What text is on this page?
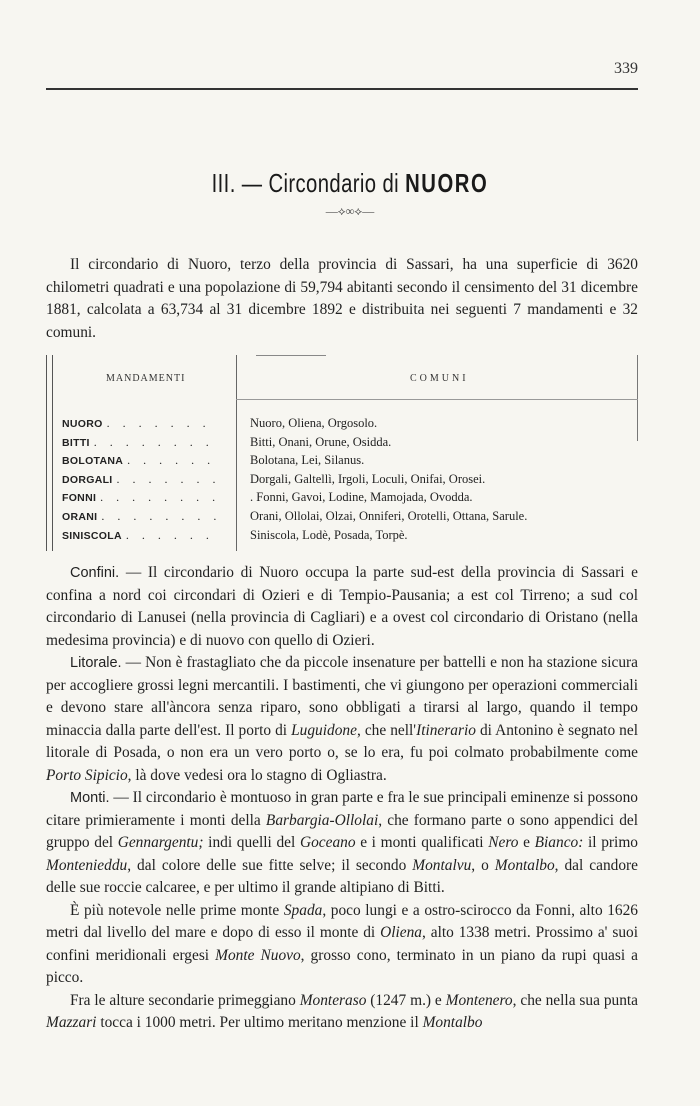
339
III. — Circondario di NUORO
—⟡∞⟡—
Il circondario di Nuoro, terzo della provincia di Sassari, ha una superficie di 3620 chilometri quadrati e una popolazione di 59,794 abitanti secondo il censimento del 31 dicembre 1881, calcolata a 63,734 al 31 dicembre 1892 e distribuita nei seguenti 7 mandamenti e 32 comuni.
MANDAMENTI	COMUNI
NUORO . . . . . . .	Nuoro, Oliena, Orgosolo.
BITTI . . . . . . . .	Bitti, Onani, Orune, Osidda.
BOLOTANA . . . . . .	Bolotana, Lei, Silanus.
DORGALI . . . . . . . Dorgali, Galtellì, Irgoli, Loculi, Onifai, Orosei.
FONNI . . . . . . . . . Fonni, Gavoi, Lodine, Mamojada, Ovodda.
ORANI . . . . . . . . Orani, Ollolai, Olzai, Onniferi, Orotelli, Ottana, Sarule.
SINISCOLA . . . . . .	Siniscola, Lodè, Posada, Torpè.

Confini. — Il circondario di Nuoro occupa la parte sud-est della provincia di Sassari e confina a nord coi circondari di Ozieri e di Tempio-Pausania; a est col Tirreno; a sud col circondario di Lanusei (nella provincia di Cagliari) e a ovest col circondario di Oristano (nella medesima provincia) e di nuovo con quello di Ozieri.

Litorale. — Non è frastagliato che da piccole insenature per battelli e non ha stazione sicura per accogliere grossi legni mercantili. I bastimenti, che vi giungono per operazioni commerciali e devono stare all'àncora senza riparo, sono obbligati a tirarsi al largo, quando il tempo minaccia dalla parte dell'est. Il porto di Luguidone, che nell'Itinerario di Antonino è segnato nel litorale di Posada, o non era un vero porto o, se lo era, fu poi colmato probabilmente come Porto Sipicio, là dove vedesi ora lo stagno di Ogliastra.

Monti. — Il circondario è montuoso in gran parte e fra le sue principali eminenze si possono citare primieramente i monti della Barbargia-Ollolai, che formano parte o sono appendici del gruppo del Gennargentu; indi quelli del Goceano e i monti qualificati Nero e Bianco: il primo Montenieddu, dal colore delle sue fitte selve; il secondo Montalvu, o Montalbo, dal candore delle sue roccie calcaree, e per ultimo il grande altipiano di Bitti.

È più notevole nelle prime monte Spada, poco lungi e a ostro-scirocco da Fonni, alto 1626 metri dal livello del mare e dopo di esso il monte di Oliena, alto 1338 metri. Prossimo a' suoi confini meridionali ergesi Monte Nuovo, grosso cono, terminato in un piano da rupi quasi a picco.

Fra le alture secondarie primeggiano Monteraso (1247 m.) e Montenero, che nella sua punta Mazzari tocca i 1000 metri. Per ultimo meritano menzione il Montalbo
